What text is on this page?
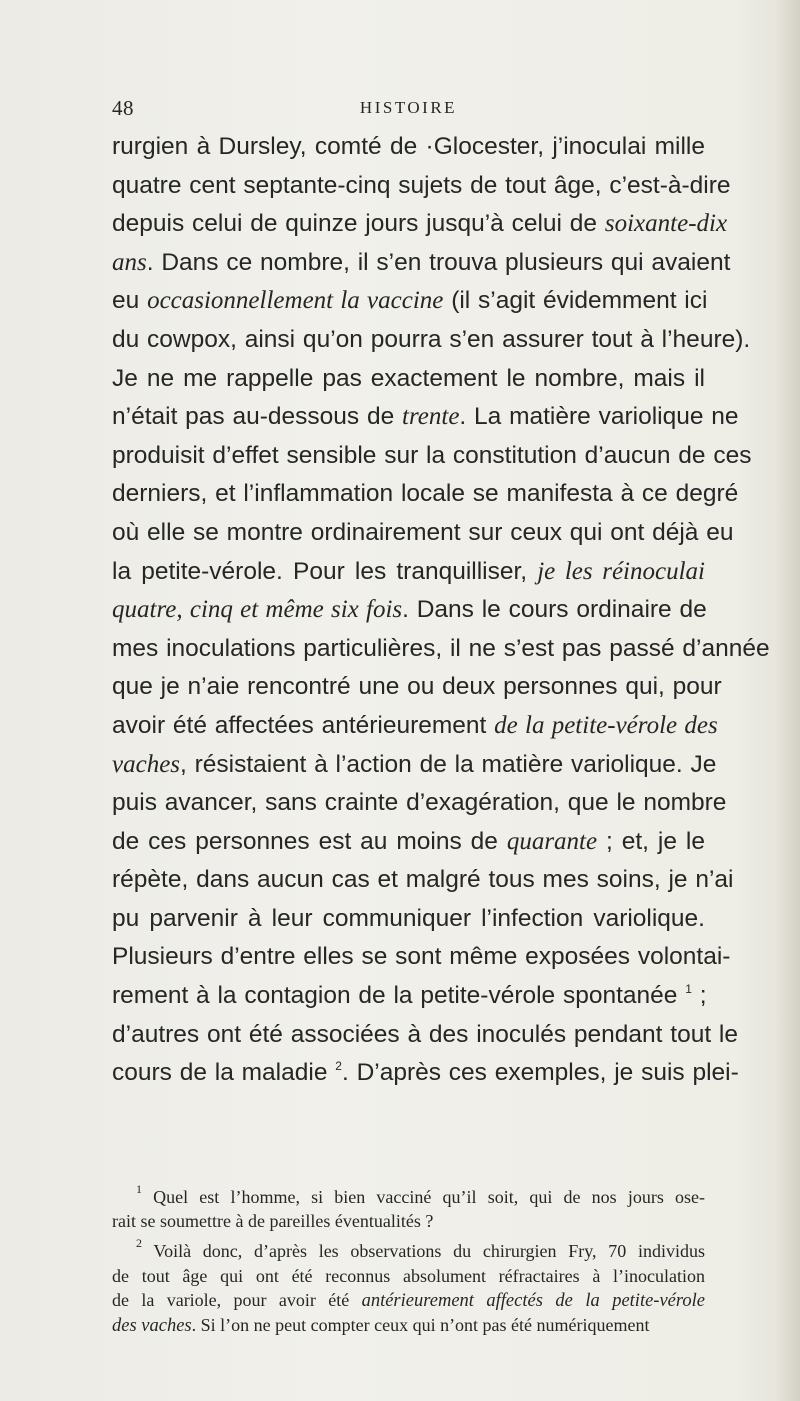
48	HISTOIRE
rurgien à Dursley, comté de ·Glocester, j’inoculai mille
quatre cent septante-cinq sujets de tout âge, c’est-à-dire
depuis celui de quinze jours jusqu’à celui de soixante-dix
ans. Dans ce nombre, il s’en trouva plusieurs qui avaient
eu occasionnellement la vaccine (il s’agit évidemment ici
du cowpox, ainsi qu’on pourra s’en assurer tout à l’heure).
Je ne me rappelle pas exactement le nombre, mais il
n’était pas au-dessous de trente. La matière variolique ne
produisit d’effet sensible sur la constitution d’aucun de ces
derniers, et l’inflammation locale se manifesta à ce degré
où elle se montre ordinairement sur ceux qui ont déjà eu
la petite-vérole. Pour les tranquilliser, je les réinoculai
quatre, cinq et même six fois. Dans le cours ordinaire de
mes inoculations particulières, il ne s’est pas passé d’année
que je n’aie rencontré une ou deux personnes qui, pour
avoir été affectées antérieurement de la petite-vérole des
vaches, résistaient à l’action de la matière variolique. Je
puis avancer, sans crainte d’exagération, que le nombre
de ces personnes est au moins de quarante ; et, je le
répète, dans aucun cas et malgré tous mes soins, je n’ai
pu parvenir à leur communiquer l’infection variolique.
Plusieurs d’entre elles se sont même exposées volontai-
rement à la contagion de la petite-vérole spontanée $^1$ ;
d’autres ont été associées à des inoculés pendant tout le
cours de la maladie $^2$. D’après ces exemples, je suis plei-
$^1$ Quel est l’homme, si bien vacciné qu’il soit, qui de nos jours ose-
rait se soumettre à de pareilles éventualités ?
$^2$ Voilà donc, d’après les observations du chirurgien Fry, 70 individus
de tout âge qui ont été reconnus absolument réfractaires à l’inoculation
de la variole, pour avoir été antérieurement affectés de la petite-vérole
des vaches. Si l’on ne peut compter ceux qui n’ont pas été numériquement
